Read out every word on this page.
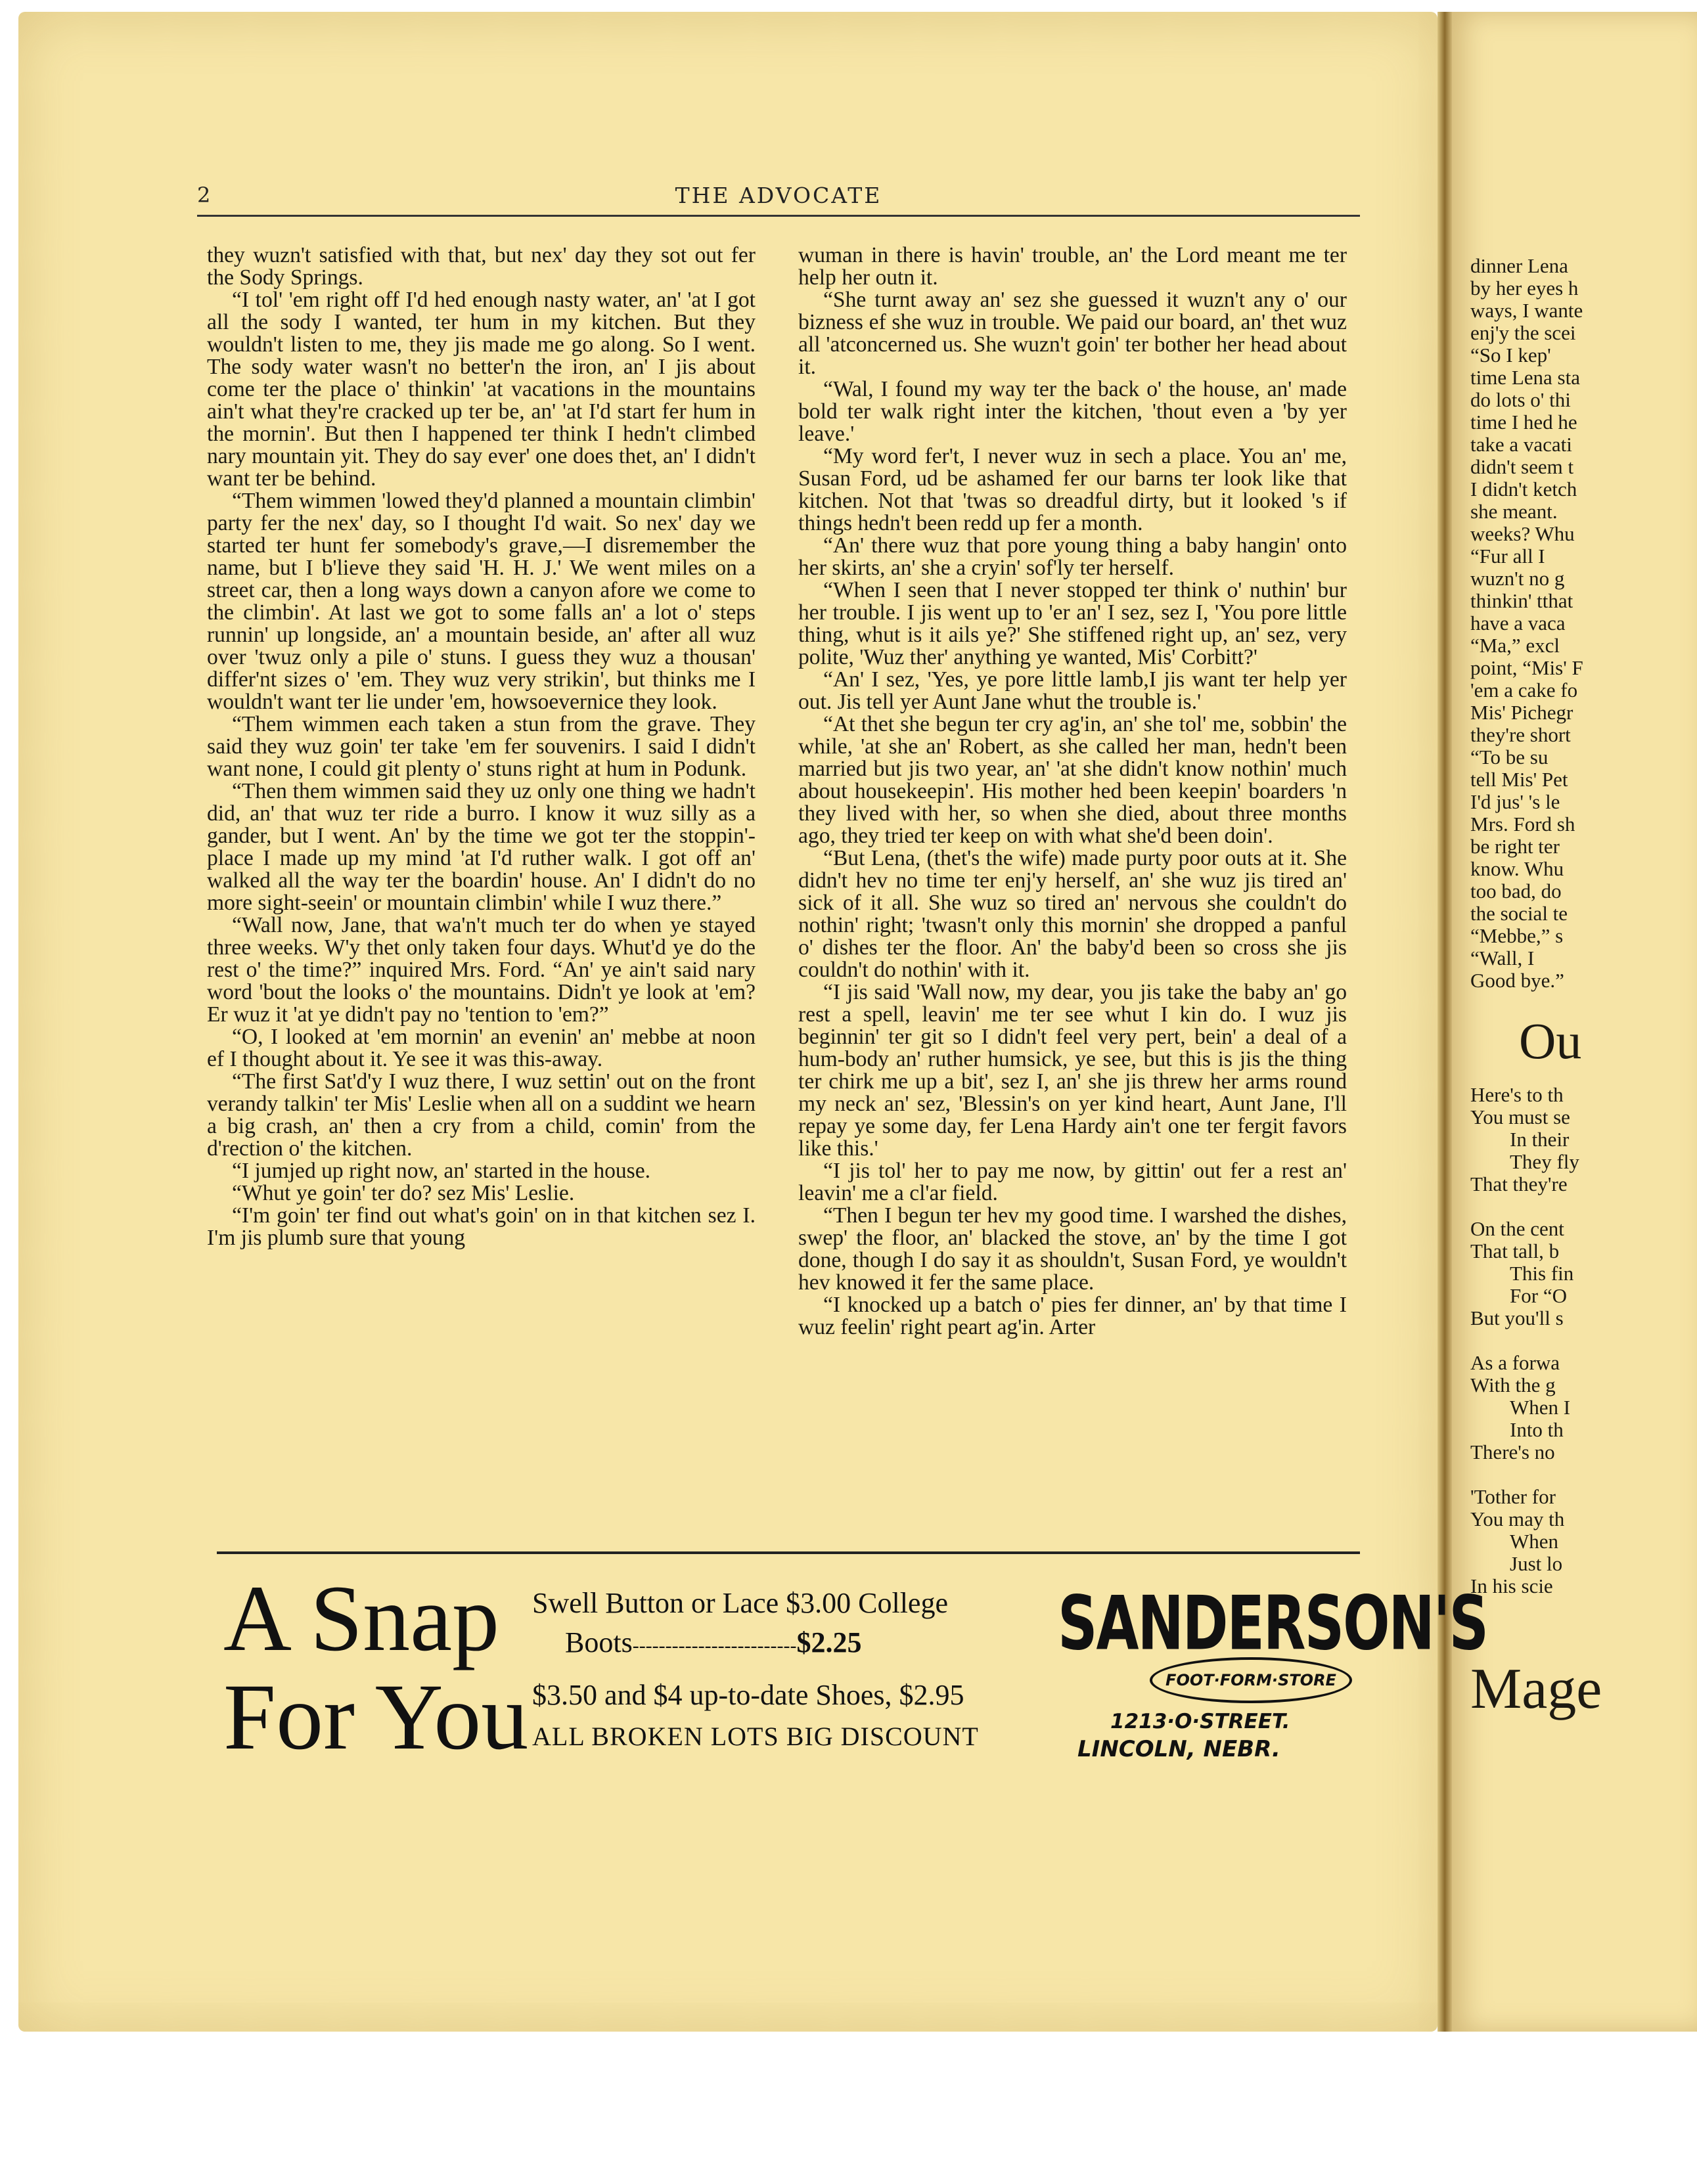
2	THE ADVOCATE

they wuzn't satisfied with that, but nex' day they sot out fer the Sody Springs.

“I tol' 'em right off I'd hed enough nasty water, an' 'at I got all the sody I wanted, ter hum in my kitchen. But they wouldn't listen to me, they jis made me go along. So I went. The sody water wasn't no better'n the iron, an' I jis about come ter the place o' thinkin' 'at vacations in the mountains ain't what they're cracked up ter be, an' 'at I'd start fer hum in the mornin'. But then I happened ter think I hedn't climbed nary mountain yit. They do say ever' one does thet, an' I didn't want ter be behind.

“Them wimmen 'lowed they'd planned a mountain climbin' party fer the nex' day, so I thought I'd wait. So nex' day we started ter hunt fer somebody's grave,—I disremember the name, but I b'lieve they said 'H. H. J.' We went miles on a street car, then a long ways down a canyon afore we come to the climbin'. At last we got to some falls an' a lot o' steps runnin' up longside, an' a mountain beside, an' after all wuz over 'twuz only a pile o' stuns. I guess they wuz a thousan' differ'nt sizes o' 'em. They wuz very strikin', but thinks me I wouldn't want ter lie under 'em, howsoevernice they look.

“Them wimmen each taken a stun from the grave. They said they wuz goin' ter take 'em fer souvenirs. I said I didn't want none, I could git plenty o' stuns right at hum in Podunk.

“Then them wimmen said they uz only one thing we hadn't did, an' that wuz ter ride a burro. I know it wuz silly as a gander, but I went. An' by the time we got ter the stoppin'-place I made up my mind 'at I'd ruther walk. I got off an' walked all the way ter the boardin' house. An' I didn't do no more sight-seein' or mountain climbin' while I wuz there.”

“Wall now, Jane, that wa'n't much ter do when ye stayed three weeks. W'y thet only taken four days. Whut'd ye do the rest o' the time?” inquired Mrs. Ford. “An' ye ain't said nary word 'bout the looks o' the mountains. Didn't ye look at 'em? Er wuz it 'at ye didn't pay no 'tention to 'em?”

“O, I looked at 'em mornin' an evenin' an' mebbe at noon ef I thought about it. Ye see it was this-away.

“The first Sat'd'y I wuz there, I wuz settin' out on the front verandy talkin' ter Mis' Leslie when all on a suddint we hearn a big crash, an' then a cry from a child, comin' from the d'rection o' the kitchen.

“I jumjed up right now, an' started in the house.

“Whut ye goin' ter do? sez Mis' Leslie.

“I'm goin' ter find out what's goin' on in that kitchen sez I. I'm jis plumb sure that young

wuman in there is havin' trouble, an' the Lord meant me ter help her outn it.

“She turnt away an' sez she guessed it wuzn't any o' our bizness ef she wuz in trouble. We paid our board, an' thet wuz all 'atconcerned us. She wuzn't goin' ter bother her head about it.

“Wal, I found my way ter the back o' the house, an' made bold ter walk right inter the kitchen, 'thout even a 'by yer leave.'

“My word fer't, I never wuz in sech a place. You an' me, Susan Ford, ud be ashamed fer our barns ter look like that kitchen. Not that 'twas so dreadful dirty, but it looked 's if things hedn't been redd up fer a month.

“An' there wuz that pore young thing a baby hangin' onto her skirts, an' she a cryin' sof'ly ter herself.

“When I seen that I never stopped ter think o' nuthin' bur her trouble. I jis went up to 'er an' I sez, sez I, 'You pore little thing, whut is it ails ye?' She stiffened right up, an' sez, very polite, 'Wuz ther' anything ye wanted, Mis' Corbitt?'

“An' I sez, 'Yes, ye pore little lamb,I jis want ter help yer out. Jis tell yer Aunt Jane whut the trouble is.'

“At thet she begun ter cry ag'in, an' she tol' me, sobbin' the while, 'at she an' Robert, as she called her man, hedn't been married but jis two year, an' 'at she didn't know nothin' much about housekeepin'. His mother hed been keepin' boarders 'n they lived with her, so when she died, about three months ago, they tried ter keep on with what she'd been doin'.

“But Lena, (thet's the wife) made purty poor outs at it. She didn't hev no time ter enj'y herself, an' she wuz jis tired an' sick of it all. She wuz so tired an' nervous she couldn't do nothin' right; 'twasn't only this mornin' she dropped a panful o' dishes ter the floor. An' the baby'd been so cross she jis couldn't do nothin' with it.

“I jis said 'Wall now, my dear, you jis take the baby an' go rest a spell, leavin' me ter see whut I kin do. I wuz jis beginnin' ter git so I didn't feel very pert, bein' a deal of a hum-body an' ruther humsick, ye see, but this is jis the thing ter chirk me up a bit', sez I, an' she jis threw her arms round my neck an' sez, 'Blessin's on yer kind heart, Aunt Jane, I'll repay ye some day, fer Lena Hardy ain't one ter fergit favors like this.'

“I jis tol' her to pay me now, by gittin' out fer a rest an' leavin' me a cl'ar field.

“Then I begun ter hev my good time. I warshed the dishes, swep' the floor, an' blacked the stove, an' by the time I got done, though I do say it as shouldn't, Susan Ford, ye wouldn't hev knowed it fer the same place.

“I knocked up a batch o' pies fer dinner, an' by that time I wuz feelin' right peart ag'in. Arter

A Snap
For You
Swell Button or Lace $3.00 College
Boots-------------------------$2.25
$3.50 and $4 up-to-date Shoes, $2.95
ALL BROKEN LOTS BIG DISCOUNT
SANDERSON'S
FOOT·FORM·STORE
1213·O·STREET.
LINCOLN, NEBR.

dinner Lena

by her eyes h

ways, I wante

enj'y the scei

“So I kep'

time Lena sta

do lots o' thi

time I hed he

take a vacati

didn't seem t

I didn't ketch

she meant.

weeks? Whu

“Fur all I

wuzn't no g

thinkin' tthat

have a vaca

“Ma,” excl

point, “Mis' F

'em a cake fo

Mis' Pichegr

they're short

“To be su

tell Mis' Pet

I'd jus' 's le

Mrs. Ford sh

be right ter

know. Whu

too bad, do

the social te

“Mebbe,” s

“Wall, I

Good bye.”

Ou

Here's to th

You must se

In their

They fly

That they're

On the cent

That tall, b

This fin

For “O

But you'll s

As a forwa

With the g

When I

Into th

There's no

'Tother for

You may th

When

Just lo

In his scie

Mage
